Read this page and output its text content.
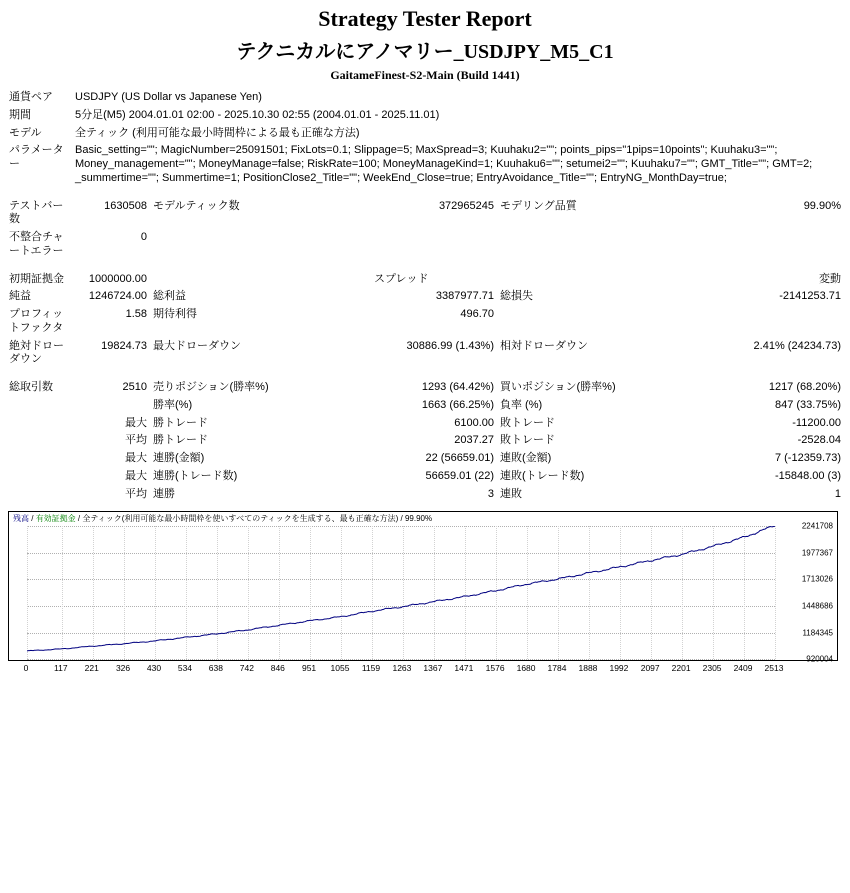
Strategy Tester Report
テクニカルにアノマリー_USDJPY_M5_C1
GaitameFinest-S2-Main (Build 1441)
通貨ペア	USDJPY (US Dollar vs Japanese Yen)				
期間	5分足(M5) 2004.01.01 02:00 - 2025.10.30 02:55 (2004.01.01 - 2025.11.01)				
モデル	全ティック (利用可能な最小時間枠による最も正確な方法)				
パラメーター	Basic_setting=""; MagicNumber=25091501; FixLots=0.1; Slippage=5; MaxSpread=3; Kuuhaku2=""; points_pips="1pips=10points"; Kuuhaku3=""; Money_management=""; MoneyManage=false; RiskRate=100; MoneyManageKind=1; Kuuhaku6=""; setumei2=""; Kuuhaku7=""; GMT_Title=""; GMT=2; _summertime=""; Summertime=1; PositionClose2_Title=""; WeekEnd_Close=true; EntryAvoidance_Title=""; EntryNG_MonthDay=true;				

テストバー数	1630508	モデルティック数	372965245	モデリング品質	99.90%
不整合チャートエラー	0				

初期証拠金	1000000.00		スプレッド		変動
純益	1246724.00	総利益	3387977.71	総損失	-2141253.71
プロフィットファクタ	1.58	期待利得	496.70		
絶対ドローダウン	19824.73	最大ドローダウン	30886.99 (1.43%)	相対ドローダウン	2.41% (24234.73)

総取引数	2510	売りポジション(勝率%)	1293 (64.42%)	買いポジション(勝率%)	1217 (68.20%)
		勝率(%)	1663 (66.25%)	負率 (%)	847 (33.75%)
	最大	勝トレード	6100.00	敗トレード	-11200.00
	平均	勝トレード	2037.27	敗トレード	-2528.04
	最大	連勝(金額)	22 (56659.01)	連敗(金額)	7 (-12359.73)
	最大	連勝(トレード数)	56659.01 (22)	連敗(トレード数)	-15848.00 (3)
	平均	連勝	3	連敗	1
残高 / 有効証拠金 / 全ティック(利用可能な最小時間枠を使いすべてのティックを生成する、最も正確な方法) / 99.90%
2241708
1977367
1713026
1448686
1184345
920004
0	117 221 326 430 534 638 742 846 951 1055 1159 1263 1367 1471 1576 1680 1784 1888 1992 2097 2201 2305 2409 2513
